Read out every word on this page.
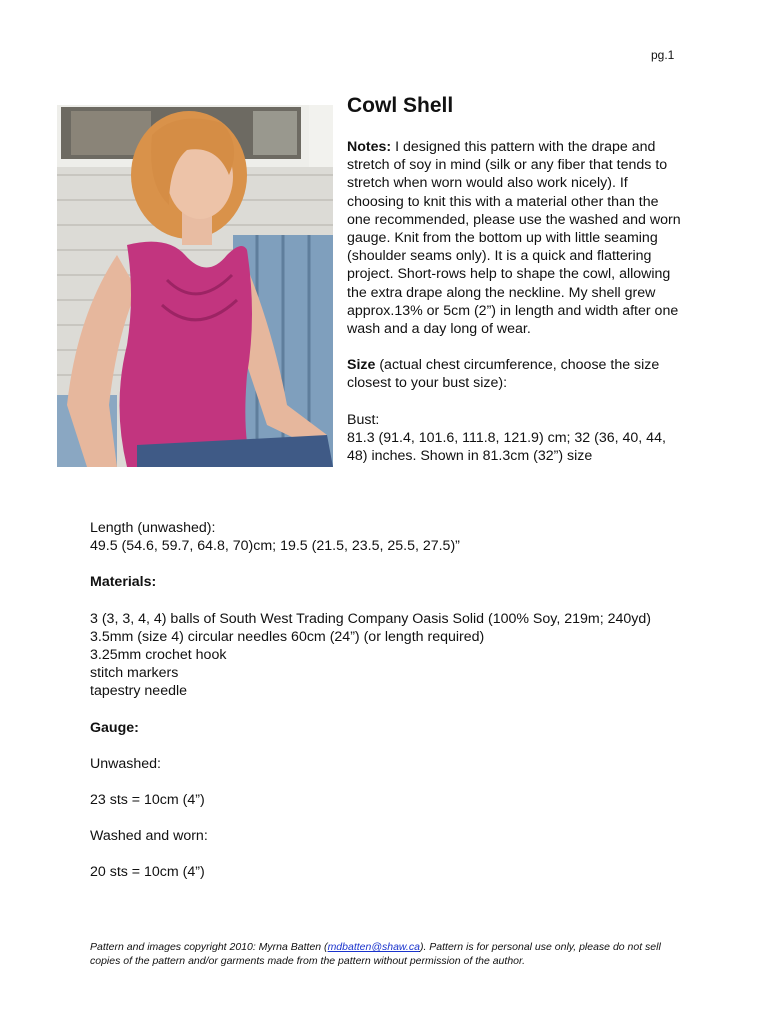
pg.1
Cowl Shell

Notes: I designed this pattern with the drape and stretch of soy in mind (silk or any fiber that tends to stretch when worn would also work nicely). If choosing to knit this with a material other than the one recommended, please use the washed and worn gauge. Knit from the bottom up with little seaming (shoulder seams only). It is a quick and flattering project. Short-rows help to shape the cowl, allowing the extra drape along the neckline. My shell grew approx.13% or 5cm (2”) in length and width after one wash and a day long of wear.

Size (actual chest circumference, choose the size closest to your bust size):

Bust:

81.3 (91.4, 101.6, 111.8, 121.9) cm; 32 (36, 40, 44, 48) inches. Shown in 81.3cm (32”) size

Length (unwashed):

49.5 (54.6, 59.7, 64.8, 70)cm; 19.5 (21.5, 23.5, 25.5, 27.5)”

Materials:

3 (3, 3, 4, 4) balls of South West Trading Company Oasis Solid (100% Soy, 219m; 240yd)

3.5mm (size 4) circular needles 60cm (24”) (or length required)

3.25mm crochet hook

stitch markers

tapestry needle

Gauge:

Unwashed:

23 sts = 10cm (4”)

Washed and worn:

20 sts = 10cm (4”)

Pattern and images copyright 2010: Myrna Batten (mdbatten@shaw.ca). Pattern is for personal use only, please do not sell copies of the pattern and/or garments made from the pattern without permission of the author.
